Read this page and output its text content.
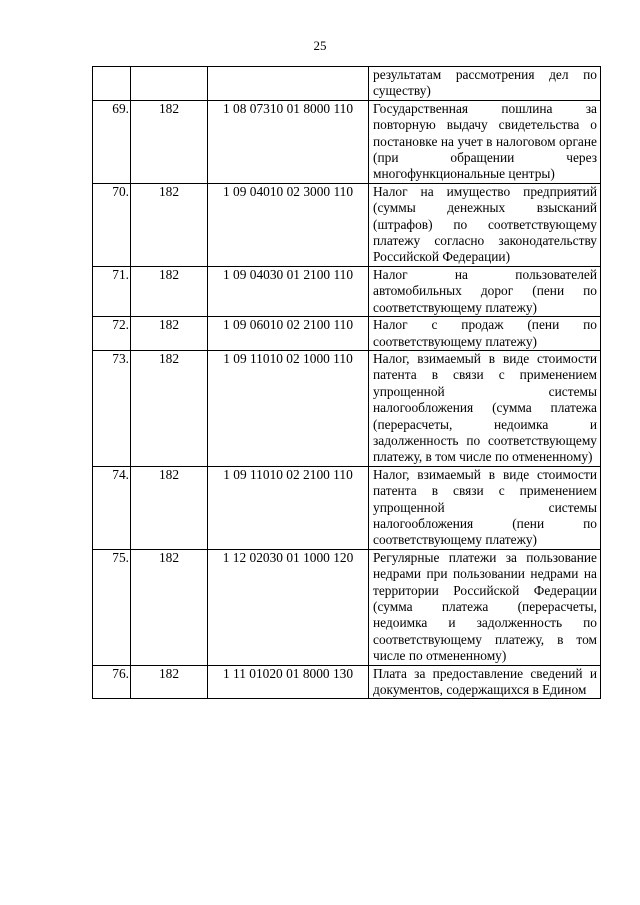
25

			результатам рассмотрения дел по существу)

69.	182	1 08 07310 01 8000 110	Государственная пошлина за повторную выдачу свидетельства о постановке на учет в налоговом органе (при обращении через многофункциональные центры)

70.	182	1 09 04010 02 3000 110	Налог на имущество предприятий (суммы денежных взысканий (штрафов) по соответствующему платежу согласно законодательству Российской Федерации)

71.	182	1 09 04030 01 2100 110	Налог на пользователей автомобильных дорог (пени по соответствующему платежу)

72.	182	1 09 06010 02 2100 110	Налог с продаж (пени по соответствующему платежу)

73.	182	1 09 11010 02 1000 110	Налог, взимаемый в виде стоимости патента в связи с применением упрощенной системы налогообложения (сумма платежа (перерасчеты, недоимка и задолженность по соответствующему платежу, в том числе по отмененному)

74.	182	1 09 11010 02 2100 110	Налог, взимаемый в виде стоимости патента в связи с применением упрощенной системы налогообложения (пени по соответствующему платежу)

75.	182	1 12 02030 01 1000 120	Регулярные платежи за пользование недрами при пользовании недрами на территории Российской Федерации (сумма платежа (перерасчеты, недоимка и задолженность по соответствующему платежу, в том числе по отмененному)

76.	182	1 11 01020 01 8000 130	Плата за предоставление сведений и документов, содержащихся в Едином
